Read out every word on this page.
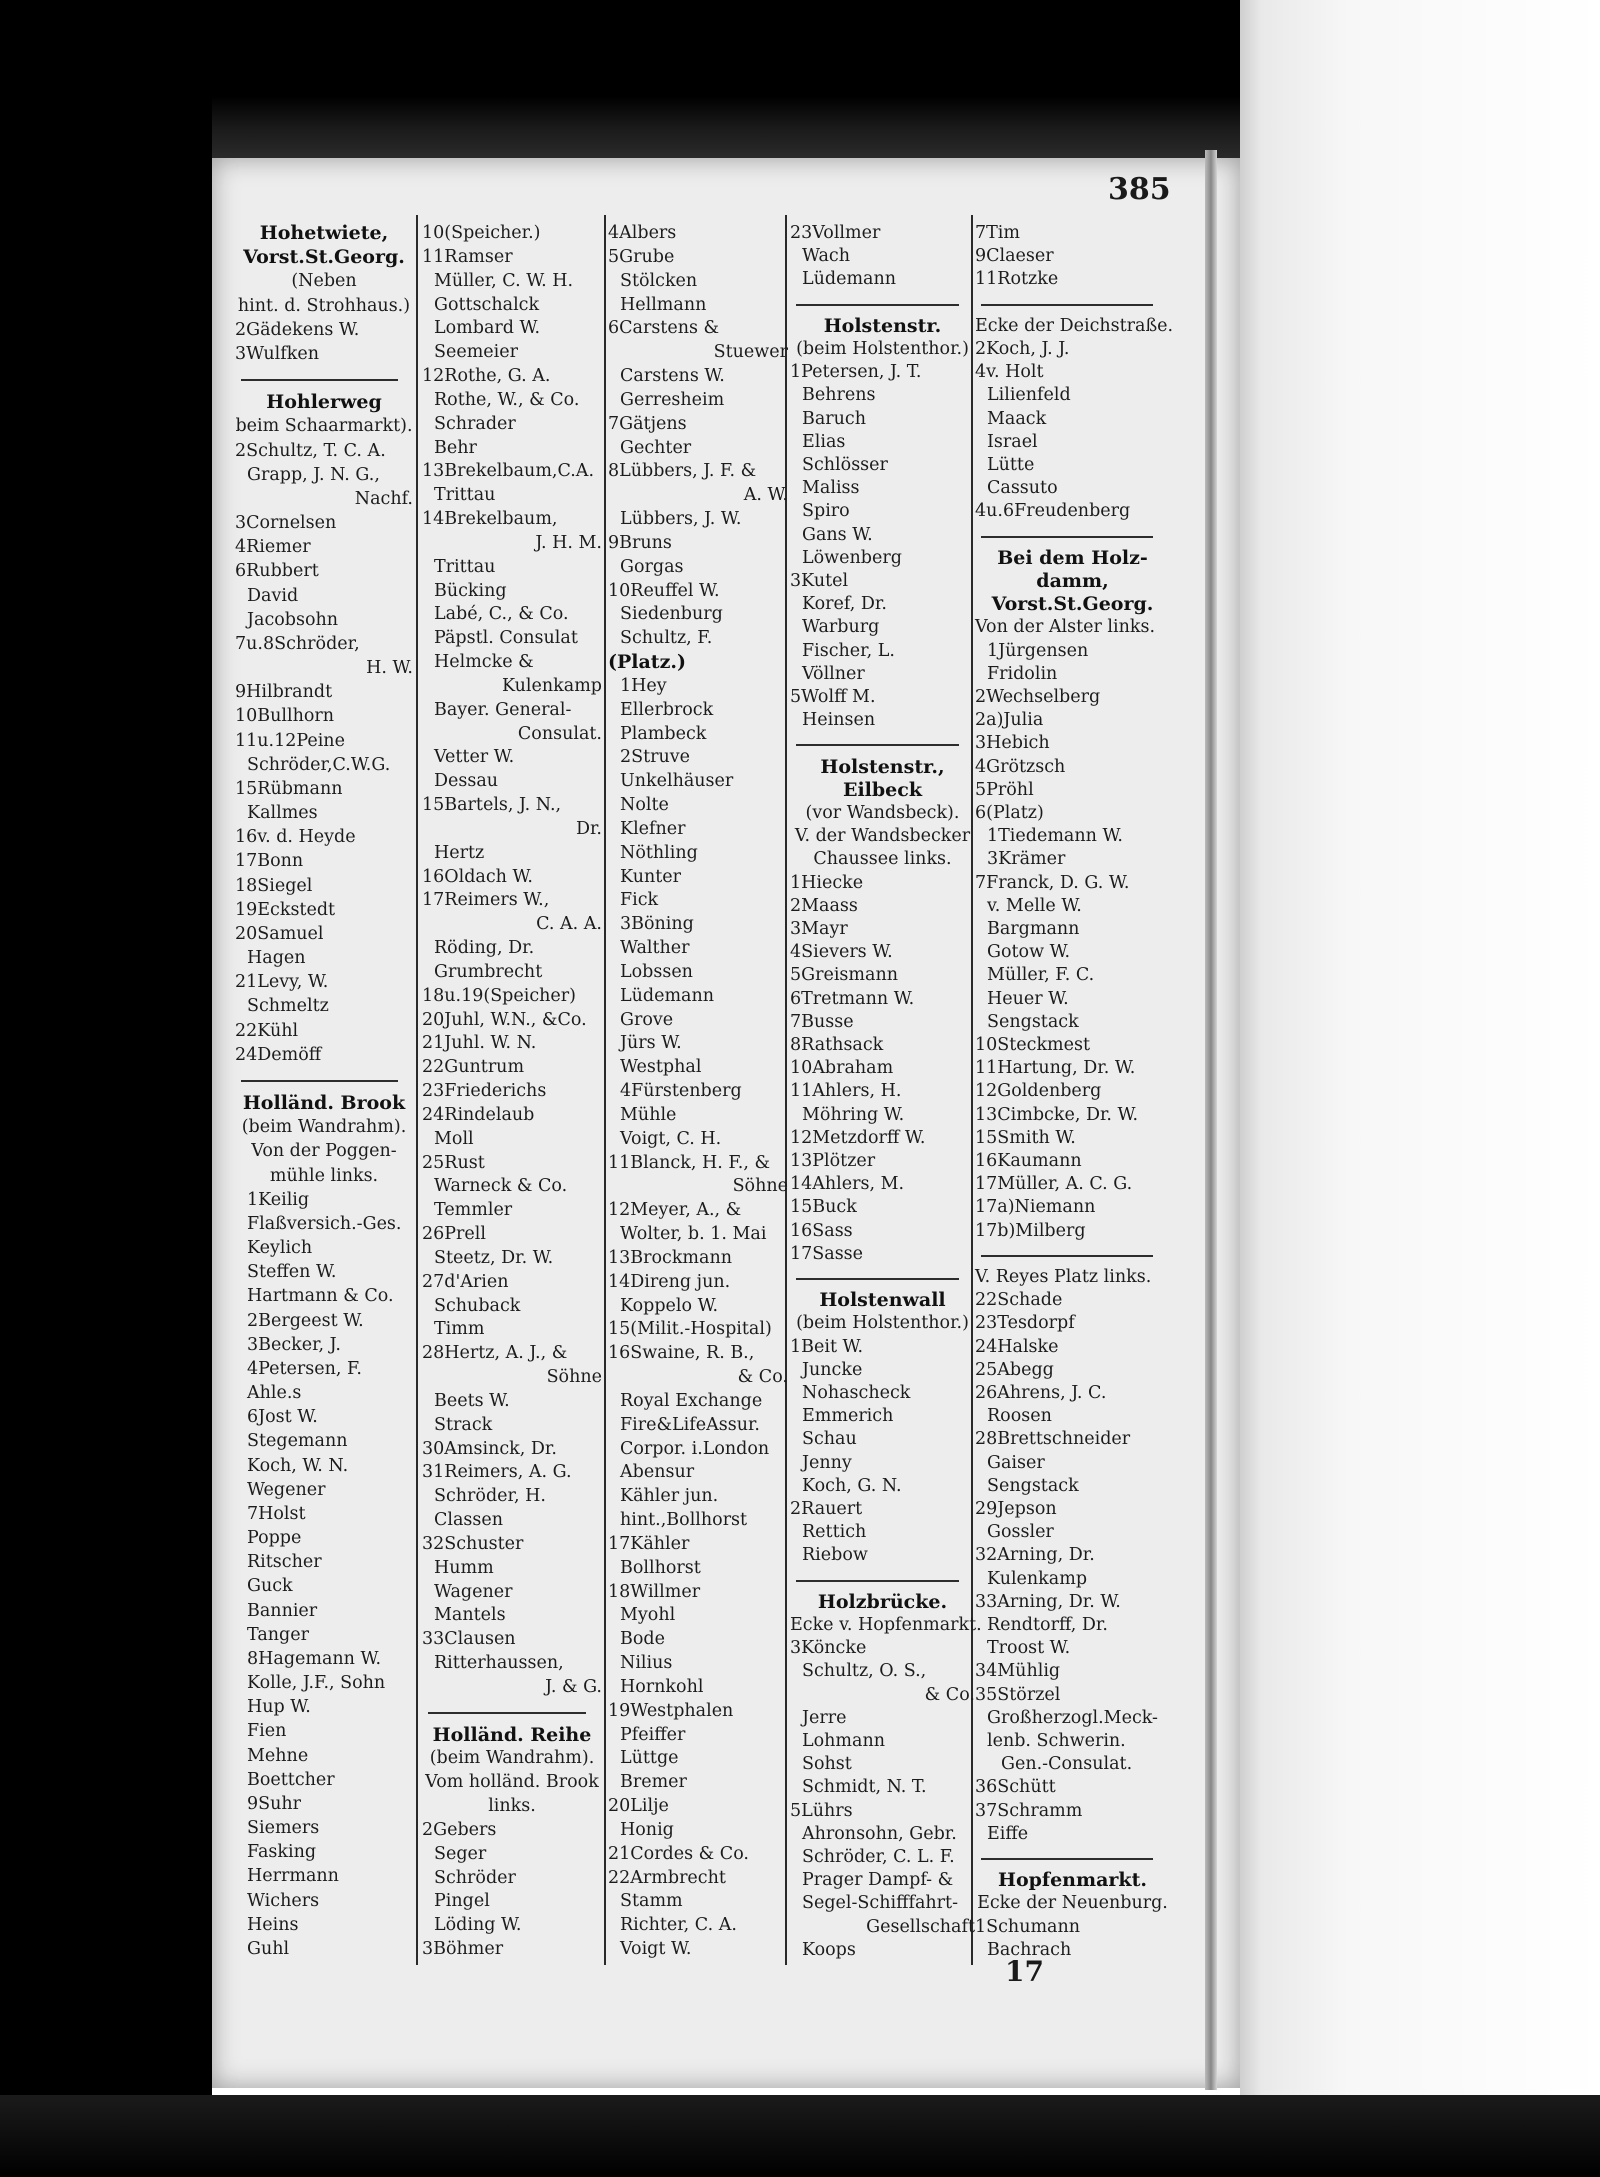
385
Hohetwiete,
Vorst.St.Georg.
(Neben
hint. d. Strohhaus.)
2Gädekens W.
3Wulfken
Hohlerweg
beim Schaarmarkt).
2Schultz, T. C. A.
Grapp, J. N. G.,
Nachf.
3Cornelsen
4Riemer
6Rubbert
David
Jacobsohn
7u.8Schröder,
H. W.
9Hilbrandt
10Bullhorn
11u.12Peine
Schröder,C.W.G.
15Rübmann
Kallmes
16v. d. Heyde
17Bonn
18Siegel
19Eckstedt
20Samuel
Hagen
21Levy, W.
Schmeltz
22Kühl
24Demöff
Holländ. Brook
(beim Wandrahm).
Von der Poggen-
mühle links.
1Keilig
Flaßversich.-Ges.
Keylich
Steffen W.
Hartmann & Co.
2Bergeest W.
3Becker, J.
4Petersen, F.
Ahle.s
6Jost W.
Stegemann
Koch, W. N.
Wegener
7Holst
Poppe
Ritscher
Guck
Bannier
Tanger
8Hagemann W.
Kolle, J.F., Sohn
Hup W.
Fien
Mehne
Boettcher
9Suhr
Siemers
Fasking
Herrmann
Wichers
Heins
Guhl
10(Speicher.)
11Ramser
Müller, C. W. H.
Gottschalck
Lombard W.
Seemeier
12Rothe, G. A.
Rothe, W., & Co.
Schrader
Behr
13Brekelbaum,C.A.
Trittau
14Brekelbaum,
J. H. M.
Trittau
Bücking
Labé, C., & Co.
Päpstl. Consulat
Helmcke &
Kulenkamp
Bayer. General-
Consulat.
Vetter W.
Dessau
15Bartels, J. N.,
Dr.
Hertz
16Oldach W.
17Reimers W.,
C. A. A.
Röding, Dr.
Grumbrecht
18u.19(Speicher)
20Juhl, W.N., &Co.
21Juhl. W. N.
22Guntrum
23Friederichs
24Rindelaub
Moll
25Rust
Warneck & Co.
Temmler
26Prell
Steetz, Dr. W.
27d'Arien
Schuback
Timm
28Hertz, A. J., &
Söhne
Beets W.
Strack
30Amsinck, Dr.
31Reimers, A. G.
Schröder, H.
Classen
32Schuster
Humm
Wagener
Mantels
33Clausen
Ritterhaussen,
J. & G.
Holländ. Reihe
(beim Wandrahm).
Vom holländ. Brook
links.
2Gebers
Seger
Schröder
Pingel
Löding W.
3Böhmer
4Albers
5Grube
Stölcken
Hellmann
6Carstens &
Stuewer
Carstens W.
Gerresheim
7Gätjens
Gechter
8Lübbers, J. F. &
A. W.
Lübbers, J. W.
9Bruns
Gorgas
10Reuffel W.
Siedenburg
Schultz, F.
(Platz.)
1Hey
Ellerbrock
Plambeck
2Struve
Unkelhäuser
Nolte
Klefner
Nöthling
Kunter
Fick
3Böning
Walther
Lobssen
Lüdemann
Grove
Jürs W.
Westphal
4Fürstenberg
Mühle
Voigt, C. H.
11Blanck, H. F., &
Söhne
12Meyer, A., &
Wolter, b. 1. Mai
13Brockmann
14Direng jun.
Koppelo W.
15(Milit.-Hospital)
16Swaine, R. B.,
& Co.
Royal Exchange
Fire&LifeAssur.
Corpor. i.London
Abensur
Kähler jun.
hint.,Bollhorst
17Kähler
Bollhorst
18Willmer
Myohl
Bode
Nilius
Hornkohl
19Westphalen
Pfeiffer
Lüttge
Bremer
20Lilje
Honig
21Cordes & Co.
22Armbrecht
Stamm
Richter, C. A.
Voigt W.
23Vollmer
Wach
Lüdemann
Holstenstr.
(beim Holstenthor.)
1Petersen, J. T.
Behrens
Baruch
Elias
Schlösser
Maliss
Spiro
Gans W.
Löwenberg
3Kutel
Koref, Dr.
Warburg
Fischer, L.
Völlner
5Wolff M.
Heinsen
Holstenstr.,
Eilbeck
(vor Wandsbeck).
V. der Wandsbecker
Chaussee links.
1Hiecke
2Maass
3Mayr
4Sievers W.
5Greismann
6Tretmann W.
7Busse
8Rathsack
10Abraham
11Ahlers, H.
Möhring W.
12Metzdorff W.
13Plötzer
14Ahlers, M.
15Buck
16Sass
17Sasse
Holstenwall
(beim Holstenthor.)
1Beit W.
Juncke
Nohascheck
Emmerich
Schau
Jenny
Koch, G. N.
2Rauert
Rettich
Riebow
Holzbrücke.
Ecke v. Hopfenmarkt.
3Köncke
Schultz, O. S.,
& Co.
Jerre
Lohmann
Sohst
Schmidt, N. T.
5Lührs
Ahronsohn, Gebr.
Schröder, C. L. F.
Prager Dampf- &
Segel-Schifffahrt-
Gesellschaft
Koops
7Tim
9Claeser
11Rotzke
Ecke der Deichstraße.
2Koch, J. J.
4v. Holt
Lilienfeld
Maack
Israel
Lütte
Cassuto
4u.6Freudenberg
Bei dem Holz-
damm,
Vorst.St.Georg.
Von der Alster links.
1Jürgensen
Fridolin
2Wechselberg
2a)Julia
3Hebich
4Grötzsch
5Pröhl
6(Platz)
1Tiedemann W.
3Krämer
7Franck, D. G. W.
v. Melle W.
Bargmann
Gotow W.
Müller, F. C.
Heuer W.
Sengstack
10Steckmest
11Hartung, Dr. W.
12Goldenberg
13Cimbcke, Dr. W.
15Smith W.
16Kaumann
17Müller, A. C. G.
17a)Niemann
17b)Milberg
V. Reyes Platz links.
22Schade
23Tesdorpf
24Halske
25Abegg
26Ahrens, J. C.
Roosen
28Brettschneider
Gaiser
Sengstack
29Jepson
Gossler
32Arning, Dr.
Kulenkamp
33Arning, Dr. W.
Rendtorff, Dr.
Troost W.
34Mühlig
35Störzel
Großherzogl.Meck-
lenb. Schwerin.
Gen.-Consulat.
36Schütt
37Schramm
Eiffe
Hopfenmarkt.
Ecke der Neuenburg.
1Schumann
Bachrach
17
